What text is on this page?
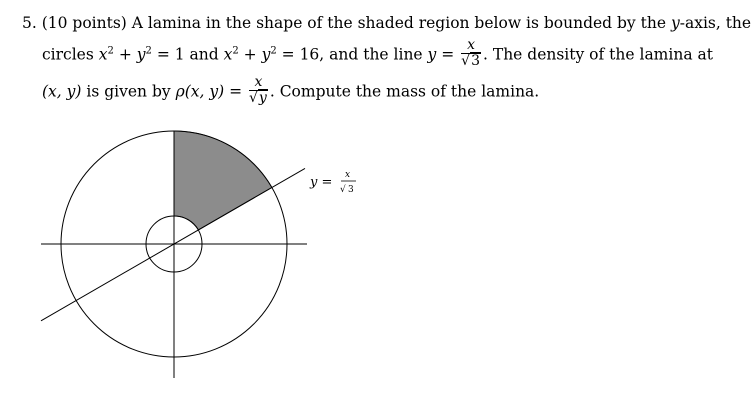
5. (10 points) A lamina in the shape of the shaded region below is bounded by the y-axis, the
circles $x^2 + y^2 = 1$ and $x^2 + y^2 = 16$, and the line $y = \frac{x}{√3}$ . The density of the lamina at
(x, y) is given by ρ(x, $y) = \frac{x}{√y}$ . Compute the mass of the lamina.
y = x
√ 3
